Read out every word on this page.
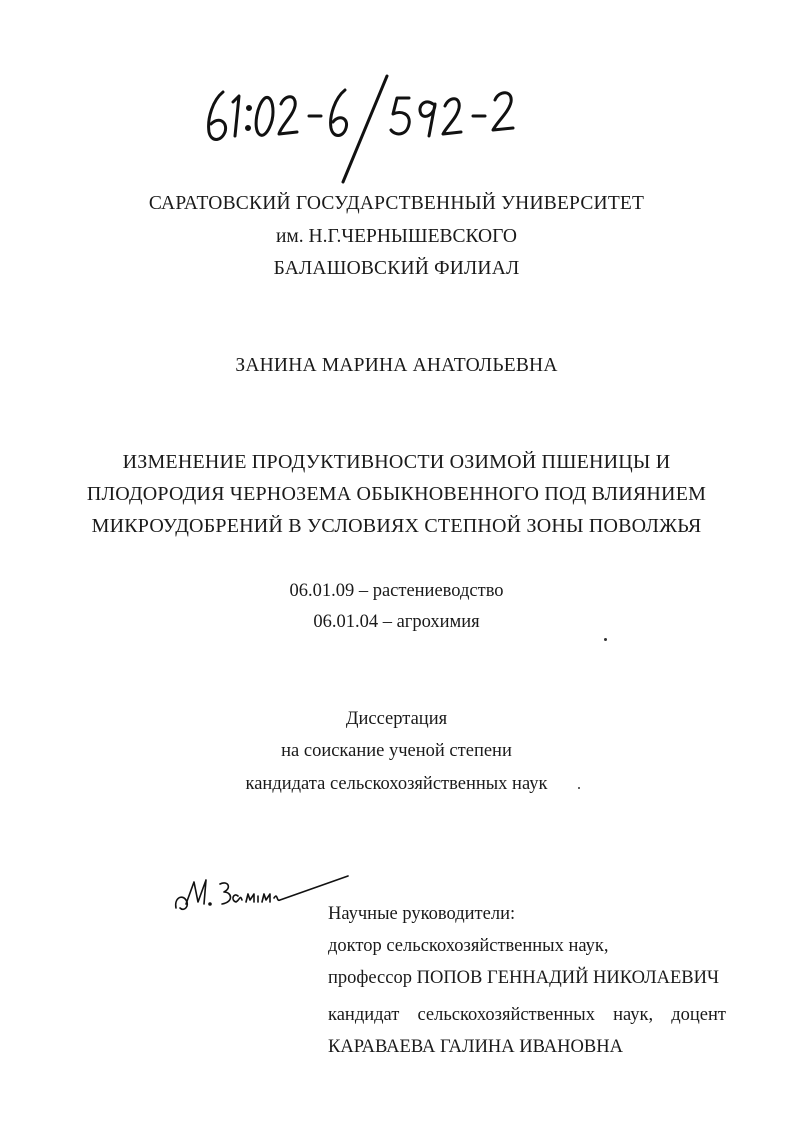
САРАТОВСКИЙ ГОСУДАРСТВЕННЫЙ УНИВЕРСИТЕТ
им. Н.Г.ЧЕРНЫШЕВСКОГО
БАЛАШОВСКИЙ ФИЛИАЛ
ЗАНИНА МАРИНА АНАТОЛЬЕВНА
ИЗМЕНЕНИЕ ПРОДУКТИВНОСТИ ОЗИМОЙ ПШЕНИЦЫ И
ПЛОДОРОДИЯ ЧЕРНОЗЕМА ОБЫКНОВЕННОГО ПОД ВЛИЯНИЕМ
МИКРОУДОБРЕНИЙ В УСЛОВИЯХ СТЕПНОЙ ЗОНЫ ПОВОЛЖЬЯ
06.01.09 – растениеводство
06.01.04 – агрохимия
Диссертация
на соискание ученой степени
кандидата сельскохозяйственных наук
Научные руководители:
доктор сельскохозяйственных наук,
профессор ПОПОВ ГЕННАДИЙ НИКОЛАЕВИЧ
кандидат сельскохозяйственных наук, доцент
КАРАВАЕВА ГАЛИНА ИВАНОВНА
